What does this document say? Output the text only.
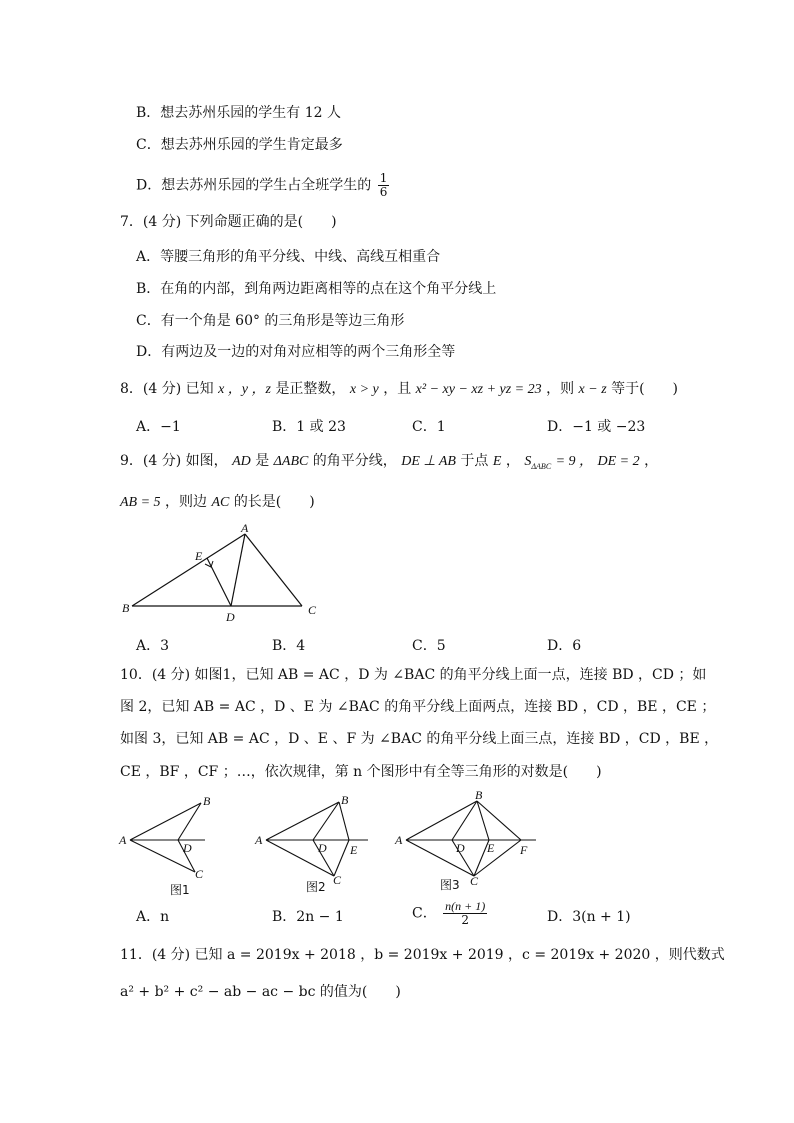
B．想去苏州乐园的学生有 12 人
C．想去苏州乐园的学生肯定最多
D．想去苏州乐园的学生占全班学生的 $\frac{1}{6}$
7．(4 分) 下列命题正确的是(　　)
A．等腰三角形的角平分线、中线、高线互相重合
B．在角的内部，到角两边距离相等的点在这个角平分线上
C．有一个角是 60° 的三角形是等边三角形
D．有两边及一边的对角对应相等的两个三角形全等
8．(4 分) 已知 x ，y ，z 是正整数， x > y ，且 x² − xy − xz + yz = 23 ，则 x − z 等于(　　)
A．−1	B．1 或 23	C．1	D．−1 或 −23
9．(4 分) 如图， AD 是 ΔABC 的角平分线， DE ⊥ AB 于点 E ， $S_{\Delta ABC} = 9$ ， DE = 2 ，
AB = 5 ，则边 AC 的长是(　　)
A
E
B
D	C
A．3	B．4	C．5	D．6
10．(4 分) 如图1，已知 AB = AC ，D 为 ∠BAC 的角平分线上面一点，连接 BD ，CD ；如
图 2，已知 AB = AC ，D 、E 为 ∠BAC 的角平分线上面两点，连接 BD ，CD ，BE ，CE ；
如图 3，已知 AB = AC ，D 、E 、F 为 ∠BAC 的角平分线上面三点，连接 BD ，CD ，BE ，
CE ，BF ，CF ；…，依次规律，第 n 个图形中有全等三角形的对数是(　　)
A
B
D
C
图1
A
B
D E
C
图2
A
B
D E F
C
图3
A．n	B．2n − 1	C． $\frac{n(n + 1)}{2}$	D．3(n + 1)
11．(4 分) 已知 a = 2019x + 2018 ，b = 2019x + 2019 ，c = 2019x + 2020 ，则代数式
a² + b² + c² − ab − ac − bc 的值为(　　)
